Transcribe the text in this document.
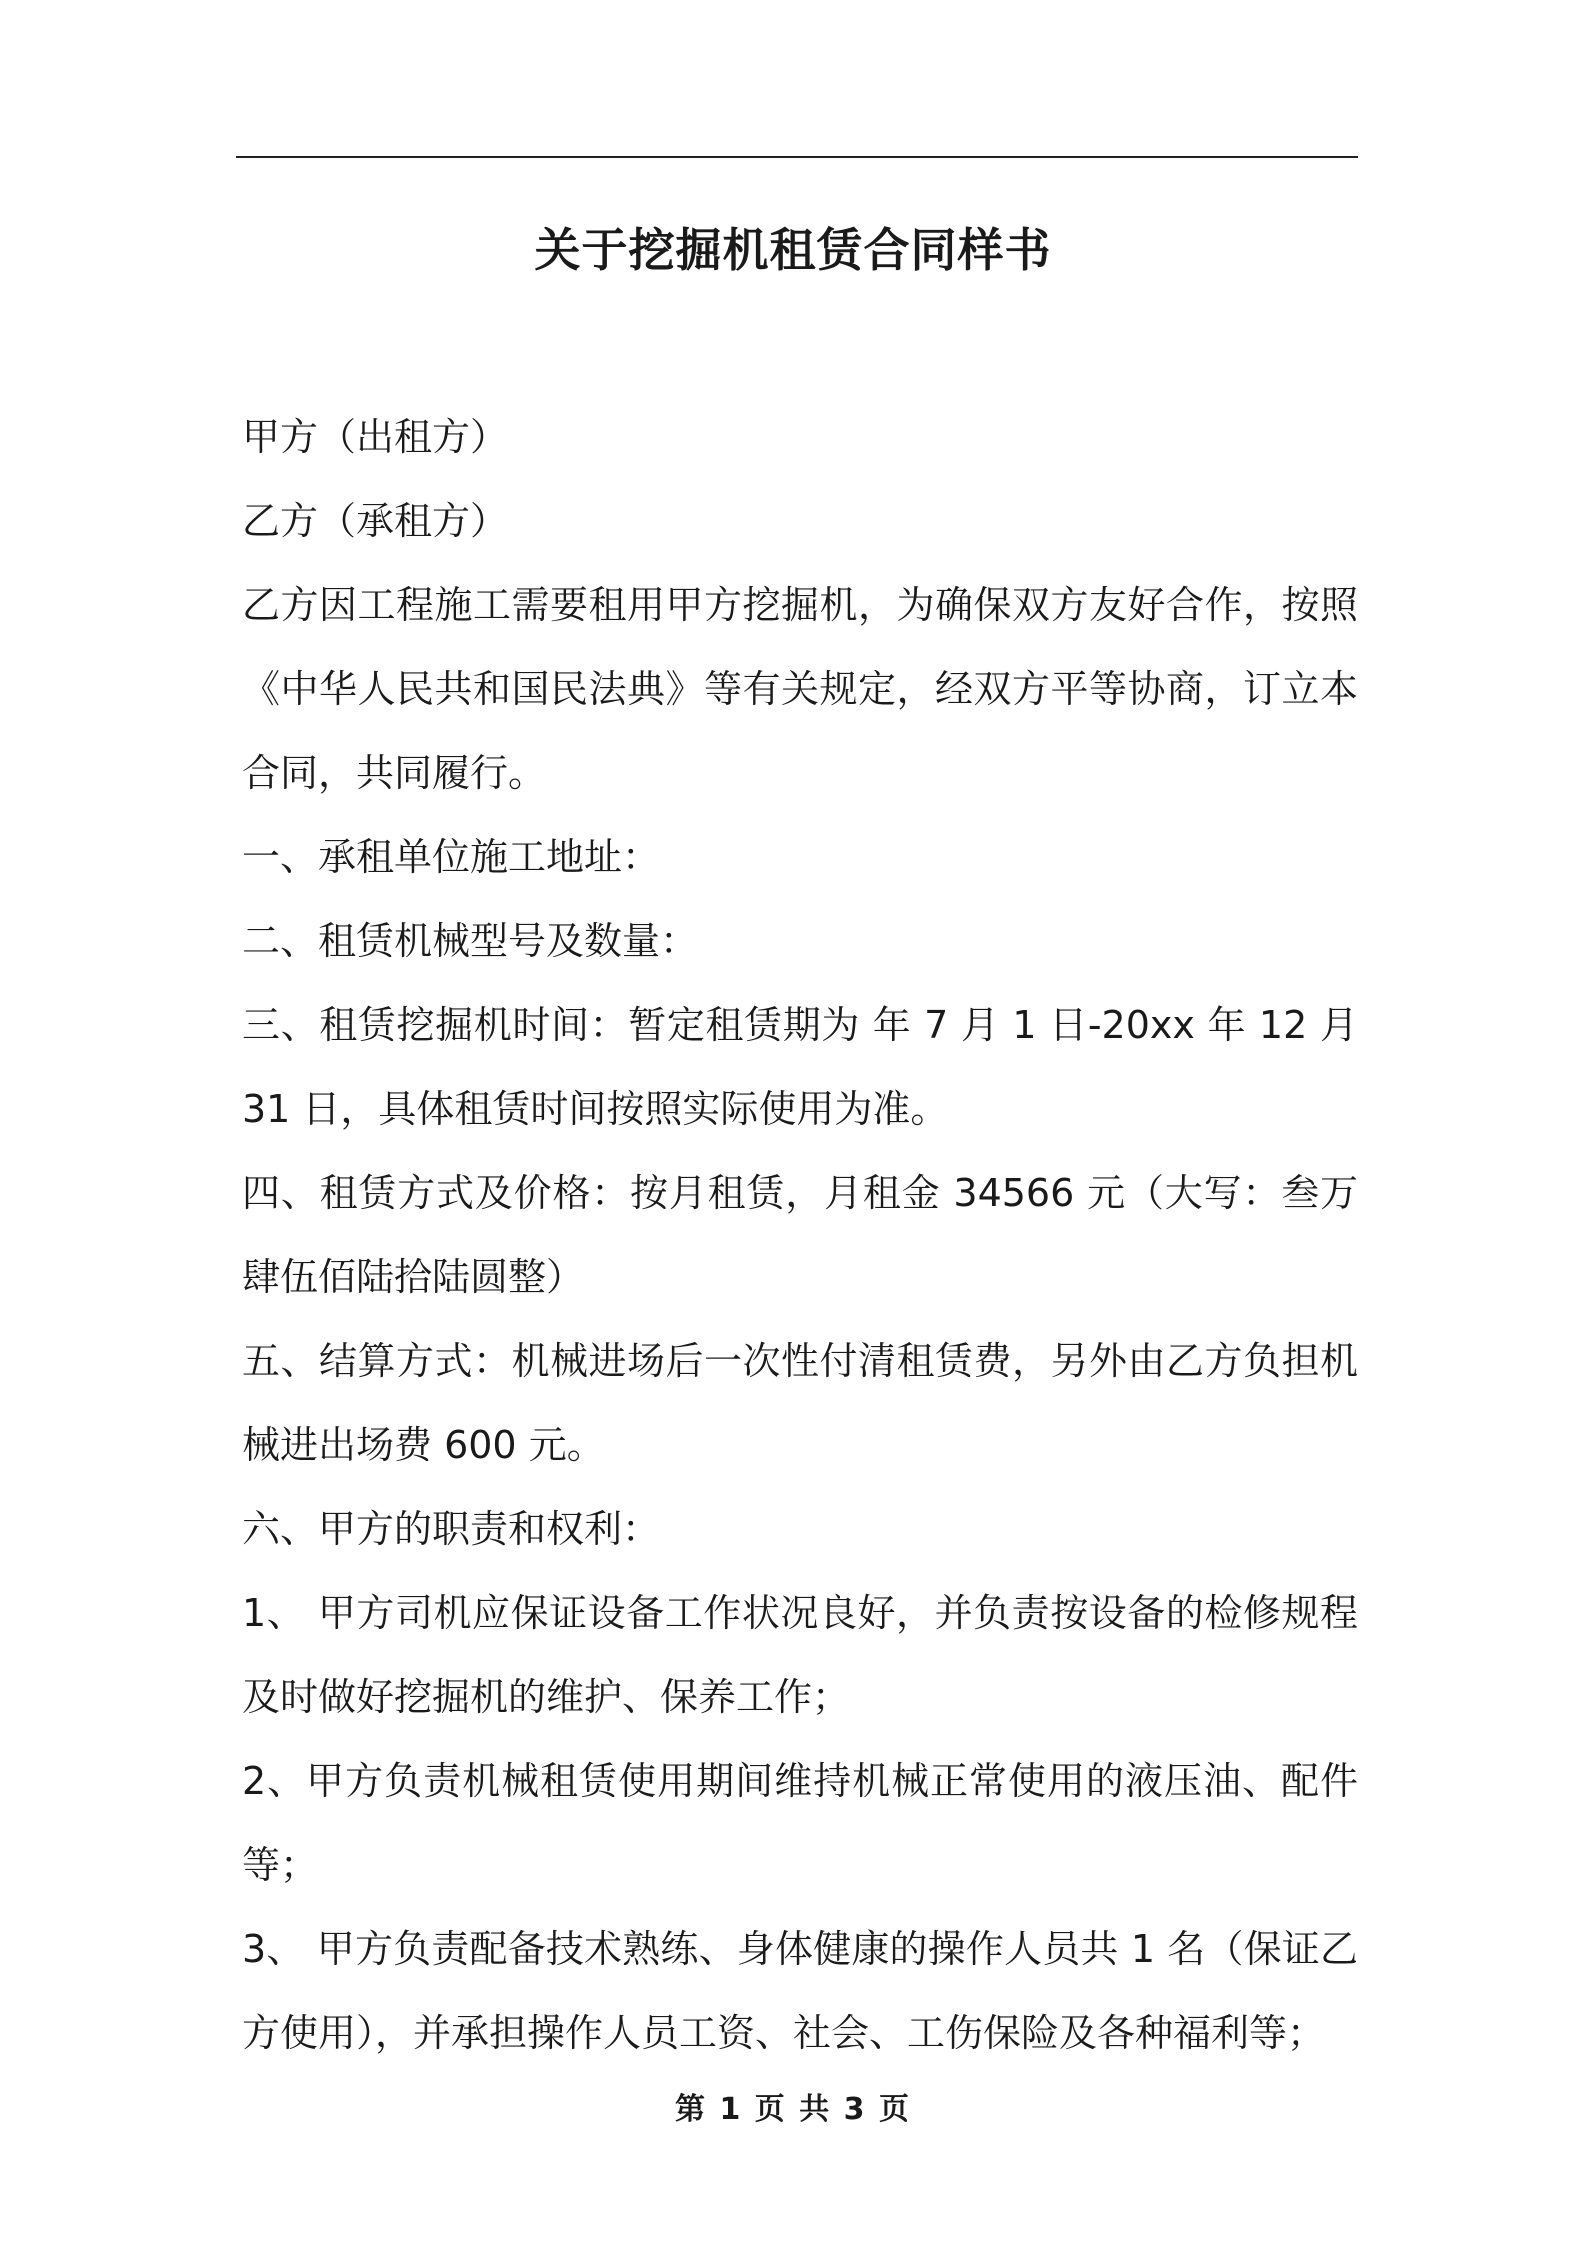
关于挖掘机租赁合同样书

甲方（出租方）

乙方（承租方）

乙方因工程施工需要租用甲方挖掘机，为确保双方友好合作，按照《中华人民共和国民法典》等有关规定，经双方平等协商，订立本合同，共同履行。

一、承租单位施工地址：

二、租赁机械型号及数量：

三、租赁挖掘机时间：暂定租赁期为 年 7 月 1 日-20xx 年 12 月 31 日，具体租赁时间按照实际使用为准。

四、租赁方式及价格：按月租赁，月租金 34566 元（大写：叁万肆伍佰陆拾陆圆整）

五、结算方式：机械进场后一次性付清租赁费，另外由乙方负担机械进出场费 600 元。

六、甲方的职责和权利：

1、 甲方司机应保证设备工作状况良好，并负责按设备的检修规程及时做好挖掘机的维护、保养工作；

2、甲方负责机械租赁使用期间维持机械正常使用的液压油、配件等；

3、 甲方负责配备技术熟练、身体健康的操作人员共 1 名（保证乙方使用），并承担操作人员工资、社会、工伤保险及各种福利等；

第 1 页 共 3 页
